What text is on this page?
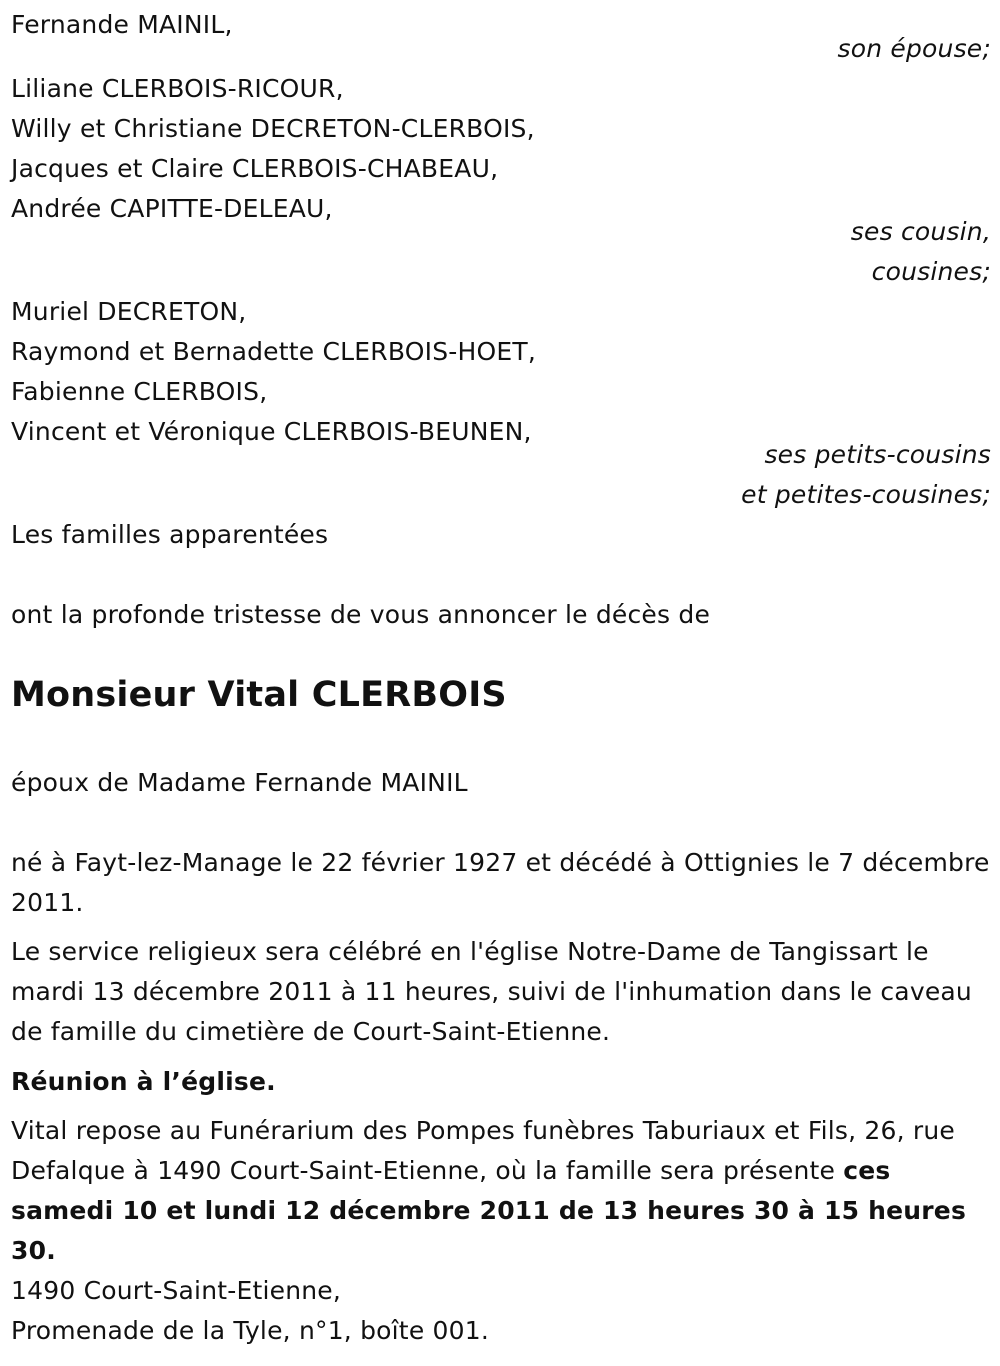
Fernande MAINIL,
son épouse;
Liliane CLERBOIS-RICOUR,
Willy et Christiane DECRETON-CLERBOIS,
Jacques et Claire CLERBOIS-CHABEAU,
Andrée CAPITTE-DELEAU,
ses cousin,
cousines;
Muriel DECRETON,
Raymond et Bernadette CLERBOIS-HOET,
Fabienne CLERBOIS,
Vincent et Véronique CLERBOIS-BEUNEN,
ses petits-cousins
et petites-cousines;
Les familles apparentées
ont la profonde tristesse de vous annoncer le décès de
Monsieur Vital CLERBOIS
époux de Madame Fernande MAINIL
né à Fayt-lez-Manage le 22 février 1927 et décédé à Ottignies le 7 décembre 2011.
Le service religieux sera célébré en l'église Notre-Dame de Tangissart le mardi 13 décembre 2011 à 11 heures, suivi de l'inhumation dans le caveau de famille du cimetière de Court-Saint-Etienne.
Réunion à l’église.
Vital repose au Funérarium des Pompes funèbres Taburiaux et Fils, 26, rue Defalque à 1490 Court-Saint-Etienne, où la famille sera présente ces samedi 10 et lundi 12 décembre 2011 de 13 heures 30 à 15 heures 30.
1490 Court-Saint-Etienne,
Promenade de la Tyle, n°1, boîte 001.
